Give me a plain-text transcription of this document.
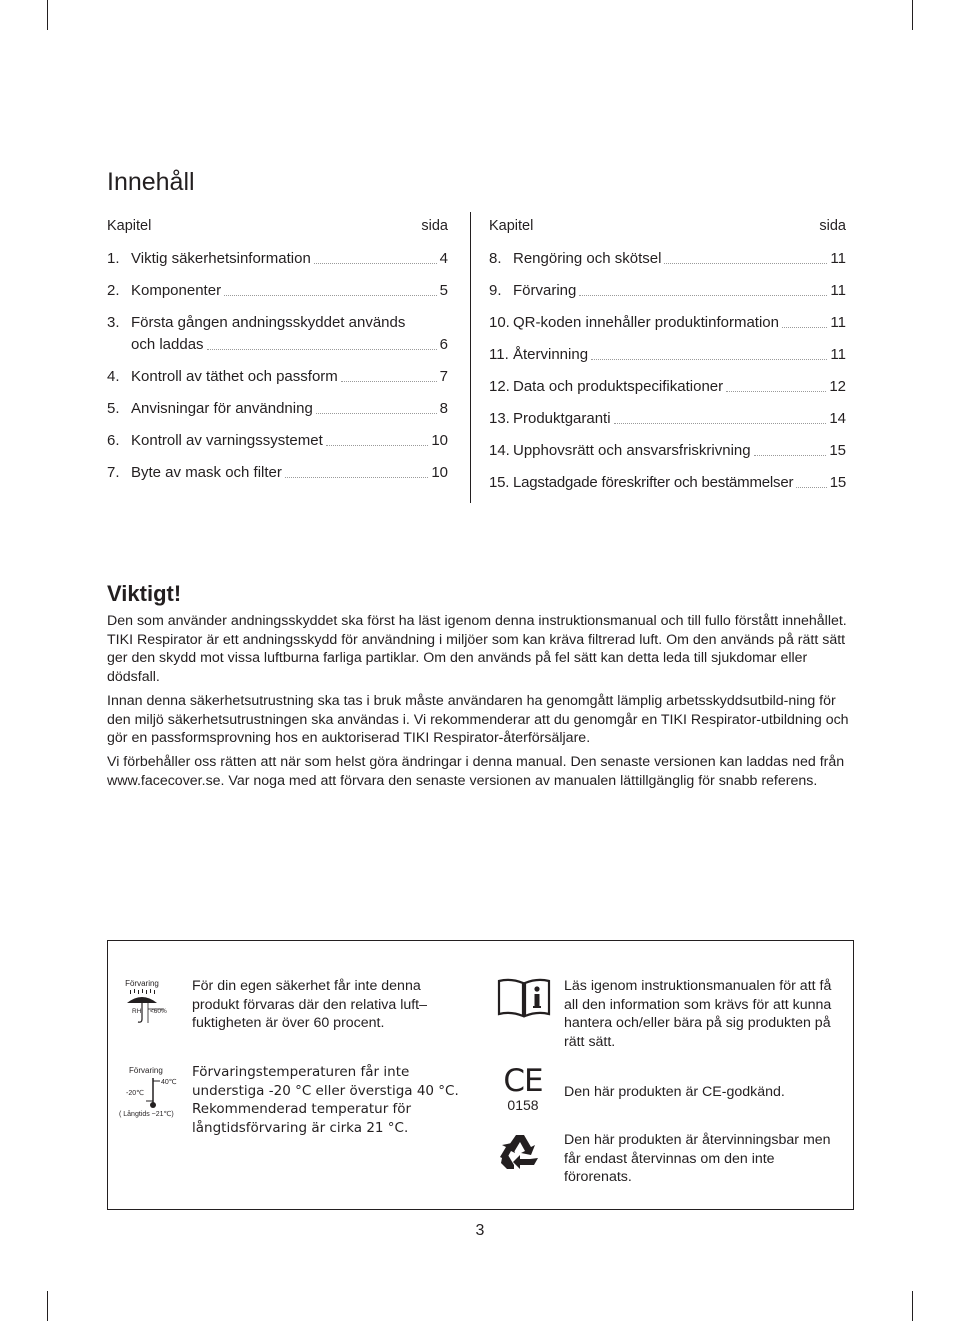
Innehåll
Kapitel	sida
1. Viktig säkerhetsinformation	4
2. Komponenter	5
3. Första gången andningsskyddet används
och laddas	6
4. Kontroll av täthet och passform	7
5. Anvisningar för användning	8
6. Kontroll av varningssystemet	10
7. Byte av mask och filter	10
Kapitel	sida
8. Rengöring och skötsel	11
9. Förvaring	11
10. QR-koden innehåller produktinformation	11
11. Återvinning	11
12. Data och produktspecifikationer	12
13. Produktgaranti	14
14. Upphovsrätt och ansvarsfriskrivning	15
15. Lagstadgade föreskrifter och bestämmelser 15
Viktigt!

Den som använder andningsskyddet ska först ha läst igenom denna instruktionsmanual och till fullo förstått innehållet. TIKI Respirator är ett andningsskydd för användning i miljöer som kan kräva filtrerad luft. Om den används på rätt sätt ger den skydd mot vissa luftburna farliga partiklar. Om den används på fel sätt kan detta leda till sjukdomar eller dödsfall.

Innan denna säkerhetsutrustning ska tas i bruk måste användaren ha genomgått lämplig arbetsskyddsutbild-ning för den miljö säkerhetsutrustningen ska användas i. Vi rekommenderar att du genomgår en TIKI Respirator-utbildning och gör en passformsprovning hos en auktoriserad TIKI Respirator-återförsäljare.

Vi förbehåller oss rätten att när som helst göra ändringar i denna manual. Den senaste versionen kan laddas ned från www.facecover.se. Var noga med att förvara den senaste versionen av manualen lättillgänglig för snabb referens.

Förvaring
RH <60%
För din egen säkerhet får inte denna produkt förvaras där den relativa luft–fuktigheten är över 60 procent.
Förvaring
40℃
-20℃
( Långtids ~21℃)
Förvaringstemperaturen får inte understiga -20 °C eller överstiga 40 °C. Rekommenderad temperatur för långtidsförvaring är cirka 21 °C.
Läs igenom instruktionsmanualen för att få all den information som krävs för att kunna hantera och/eller bära på sig produkten på rätt sätt.
CE
0158
Den här produkten är CE-godkänd.
Den här produkten är återvinningsbar men får endast återvinnas om den inte förorenats.
3
